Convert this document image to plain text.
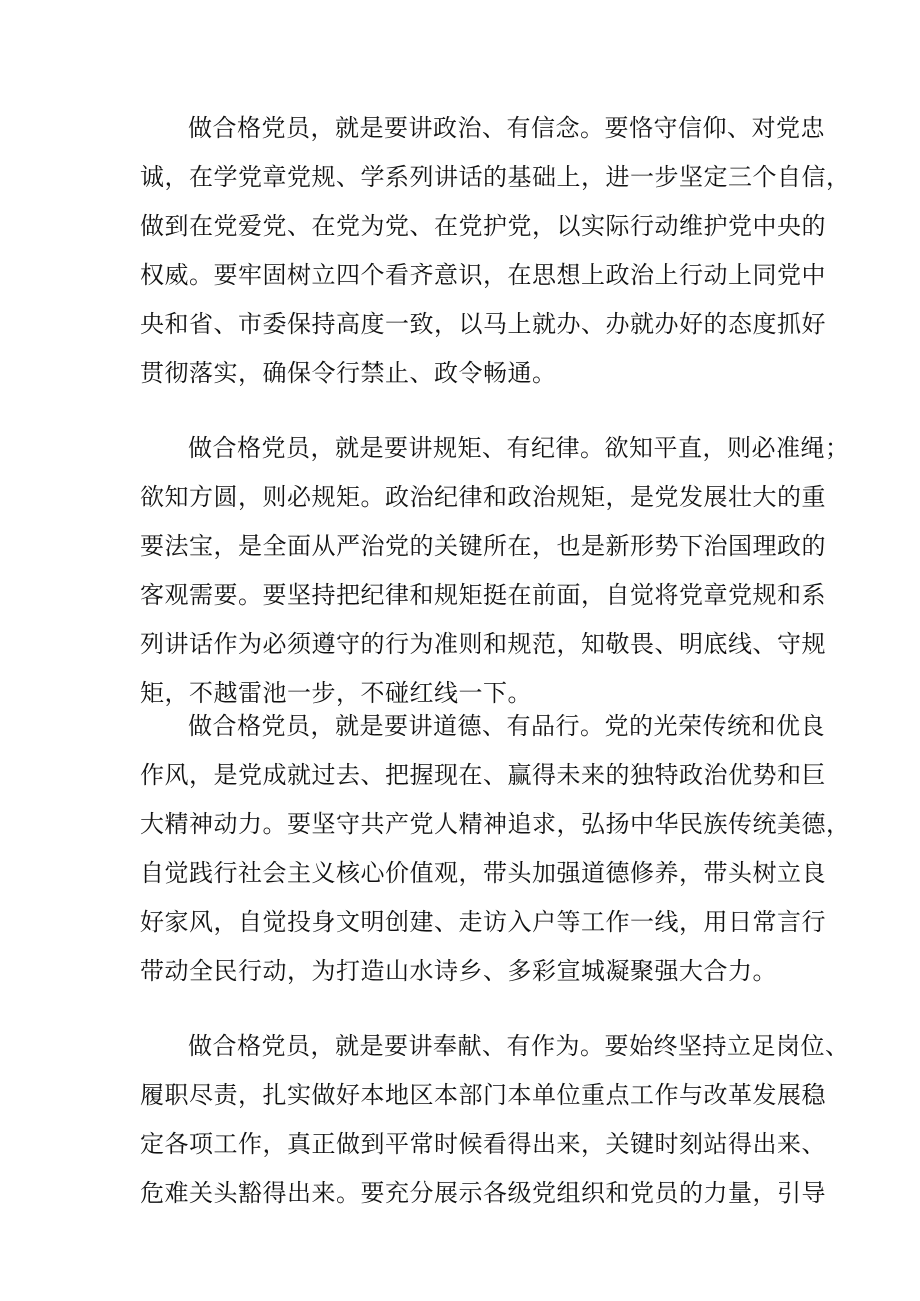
做合格党员，就是要讲政治、有信念。要恪守信仰、对党忠
诚，在学党章党规、学系列讲话的基础上，进一步坚定三个自信，
做到在党爱党、在党为党、在党护党，以实际行动维护党中央的
权威。要牢固树立四个看齐意识，在思想上政治上行动上同党中
央和省、市委保持高度一致，以马上就办、办就办好的态度抓好
贯彻落实，确保令行禁止、政令畅通。
做合格党员，就是要讲规矩、有纪律。欲知平直，则必准绳；
欲知方圆，则必规矩。政治纪律和政治规矩，是党发展壮大的重
要法宝，是全面从严治党的关键所在，也是新形势下治国理政的
客观需要。要坚持把纪律和规矩挺在前面，自觉将党章党规和系
列讲话作为必须遵守的行为准则和规范，知敬畏、明底线、守规
矩，不越雷池一步，不碰红线一下。
做合格党员，就是要讲道德、有品行。党的光荣传统和优良
作风，是党成就过去、把握现在、赢得未来的独特政治优势和巨
大精神动力。要坚守共产党人精神追求，弘扬中华民族传统美德，
自觉践行社会主义核心价值观，带头加强道德修养，带头树立良
好家风，自觉投身文明创建、走访入户等工作一线，用日常言行
带动全民行动，为打造山水诗乡、多彩宣城凝聚强大合力。
做合格党员，就是要讲奉献、有作为。要始终坚持立足岗位、
履职尽责，扎实做好本地区本部门本单位重点工作与改革发展稳
定各项工作，真正做到平常时候看得出来，关键时刻站得出来、
危难关头豁得出来。要充分展示各级党组织和党员的力量，引导
